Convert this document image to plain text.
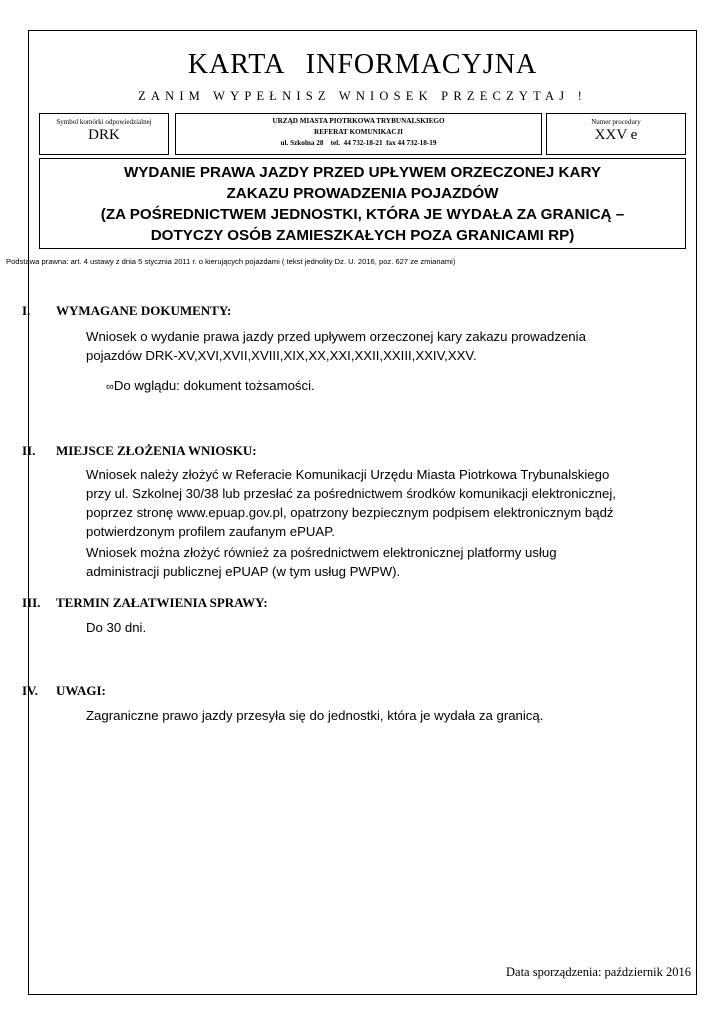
KARTA INFORMACYJNA
ZANIM WYPEŁNISZ WNIOSEK PRZECZYTAJ !
Symbol komórki odpowiedzialnej
DRK
URZĄD MIASTA PIOTRKOWA TRYBUNALSKIEGO
REFERAT KOMUNIKACJI
ul. Szkolna 28    tel.  44 732-18-21  fax 44 732-18-19
Numer procedury
XXV e
WYDANIE PRAWA JAZDY PRZED UPŁYWEM ORZECZONEJ KARY
ZAKAZU PROWADZENIA POJAZDÓW
(ZA POŚREDNICTWEM JEDNOSTKI, KTÓRA JE WYDAŁA ZA GRANICĄ –
DOTYCZY OSÓB ZAMIESZKAŁYCH POZA GRANICAMI RP)
Podstawa prawna: art. 4 ustawy z dnia 5 stycznia 2011 r. o kierujących pojazdami ( tekst jednolity Dz. U. 2016, poz. 627 ze zmianami)
I. WYMAGANE DOKUMENTY:
Wniosek o wydanie prawa jazdy przed upływem orzeczonej kary zakazu prowadzenia
pojazdów DRK-XV,XVI,XVII,XVIII,XIX,XX,XXI,XXII,XXIII,XXIV,XXV.
∞Do wglądu: dokument tożsamości.
II. MIEJSCE ZŁOŻENIA WNIOSKU:
Wniosek należy złożyć w Referacie Komunikacji Urzędu Miasta Piotrkowa Trybunalskiego
przy ul. Szkolnej 30/38 lub przesłać za pośrednictwem środków komunikacji elektronicznej,
poprzez stronę www.epuap.gov.pl, opatrzony bezpiecznym podpisem elektronicznym bądź
potwierdzonym profilem zaufanym ePUAP.
Wniosek można złożyć również za pośrednictwem elektronicznej platformy usług
administracji publicznej ePUAP (w tym usług PWPW).
III. TERMIN ZAŁATWIENIA SPRAWY:
Do 30 dni.
IV. UWAGI:
Zagraniczne prawo jazdy przesyła się do jednostki, która je wydała za granicą.
Data sporządzenia: październik 2016
